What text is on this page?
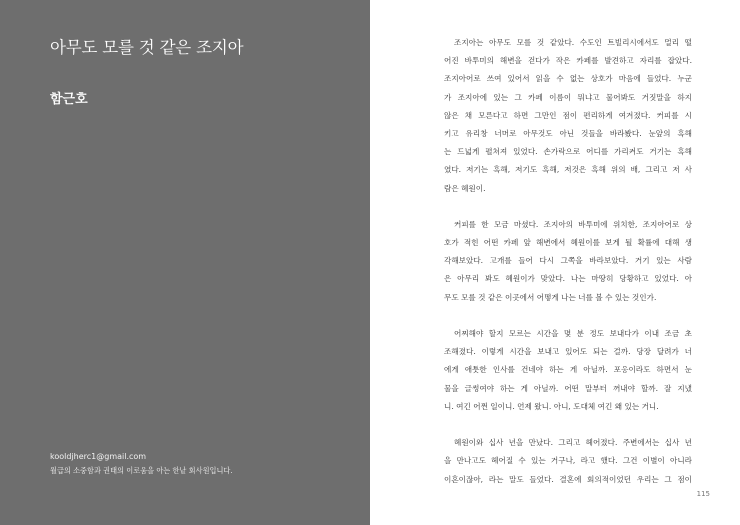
아무도 모를 것 같은 조지아
함근호
kooldjherc1@gmail.com
월급의 소중함과 권태의 이로움을 아는 한낱 회사원입니다.
조지아는 아무도 모를 것 같았다. 수도인 트빌리시에서도 멀리 떨
어진 바투미의 해변을 걷다가 작은 카페를 발견하고 자리를 잡았다.
조지아어로 쓰여 있어서 읽을 수 없는 상호가 마음에 들었다. 누군
가 조지아에 있는 그 카페 이름이 뭐냐고 물어봐도 거짓말을 하지
않은 채 모른다고 하면 그만인 점이 편리하게 여겨졌다. 커피를 시
키고 유리창 너머로 아무것도 아닌 것들을 바라봤다. 눈앞의 흑해
는 드넓게 펼쳐져 있었다. 손가락으로 어디를 가리켜도 거기는 흑해
였다. 저기는 흑해, 저기도 흑해, 저것은 흑해 위의 배, 그리고 저 사
람은 혜원이.
커피를 한 모금 마셨다. 조지아의 바투미에 위치한, 조지아어로 상
호가 적힌 어떤 카페 앞 해변에서 혜원이를 보게 될 확률에 대해 생
각해보았다. 고개를 들어 다시 그쪽을 바라보았다. 거기 있는 사람
은 아무리 봐도 혜원이가 맞았다. 나는 마땅히 당황하고 있었다. 아
무도 모를 것 같은 이곳에서 어떻게 나는 너를 볼 수 있는 것인가.
어찌해야 할지 모르는 시간을 몇 분 정도 보내다가 이내 조금 초
조해졌다. 이렇게 시간을 보내고 있어도 되는 걸까. 당장 달려가 너
에게 애틋한 인사를 건네야 하는 게 아닐까. 포옹이라도 하면서 눈
물을 글썽여야 하는 게 아닐까. 어떤 말부터 꺼내야 할까. 잘 지냈
니. 여긴 어쩐 일이니. 언제 왔니. 아니, 도대체 여긴 왜 있는 거니.
혜원이와 십사 년을 만났다. 그리고 헤어졌다. 주변에서는 십사 년
을 만나고도 헤어질 수 있는 거구나, 라고 했다. 그건 이별이 아니라
이혼이잖아, 라는 말도 들었다. 결혼에 회의적이었던 우리는 그 점이
115
